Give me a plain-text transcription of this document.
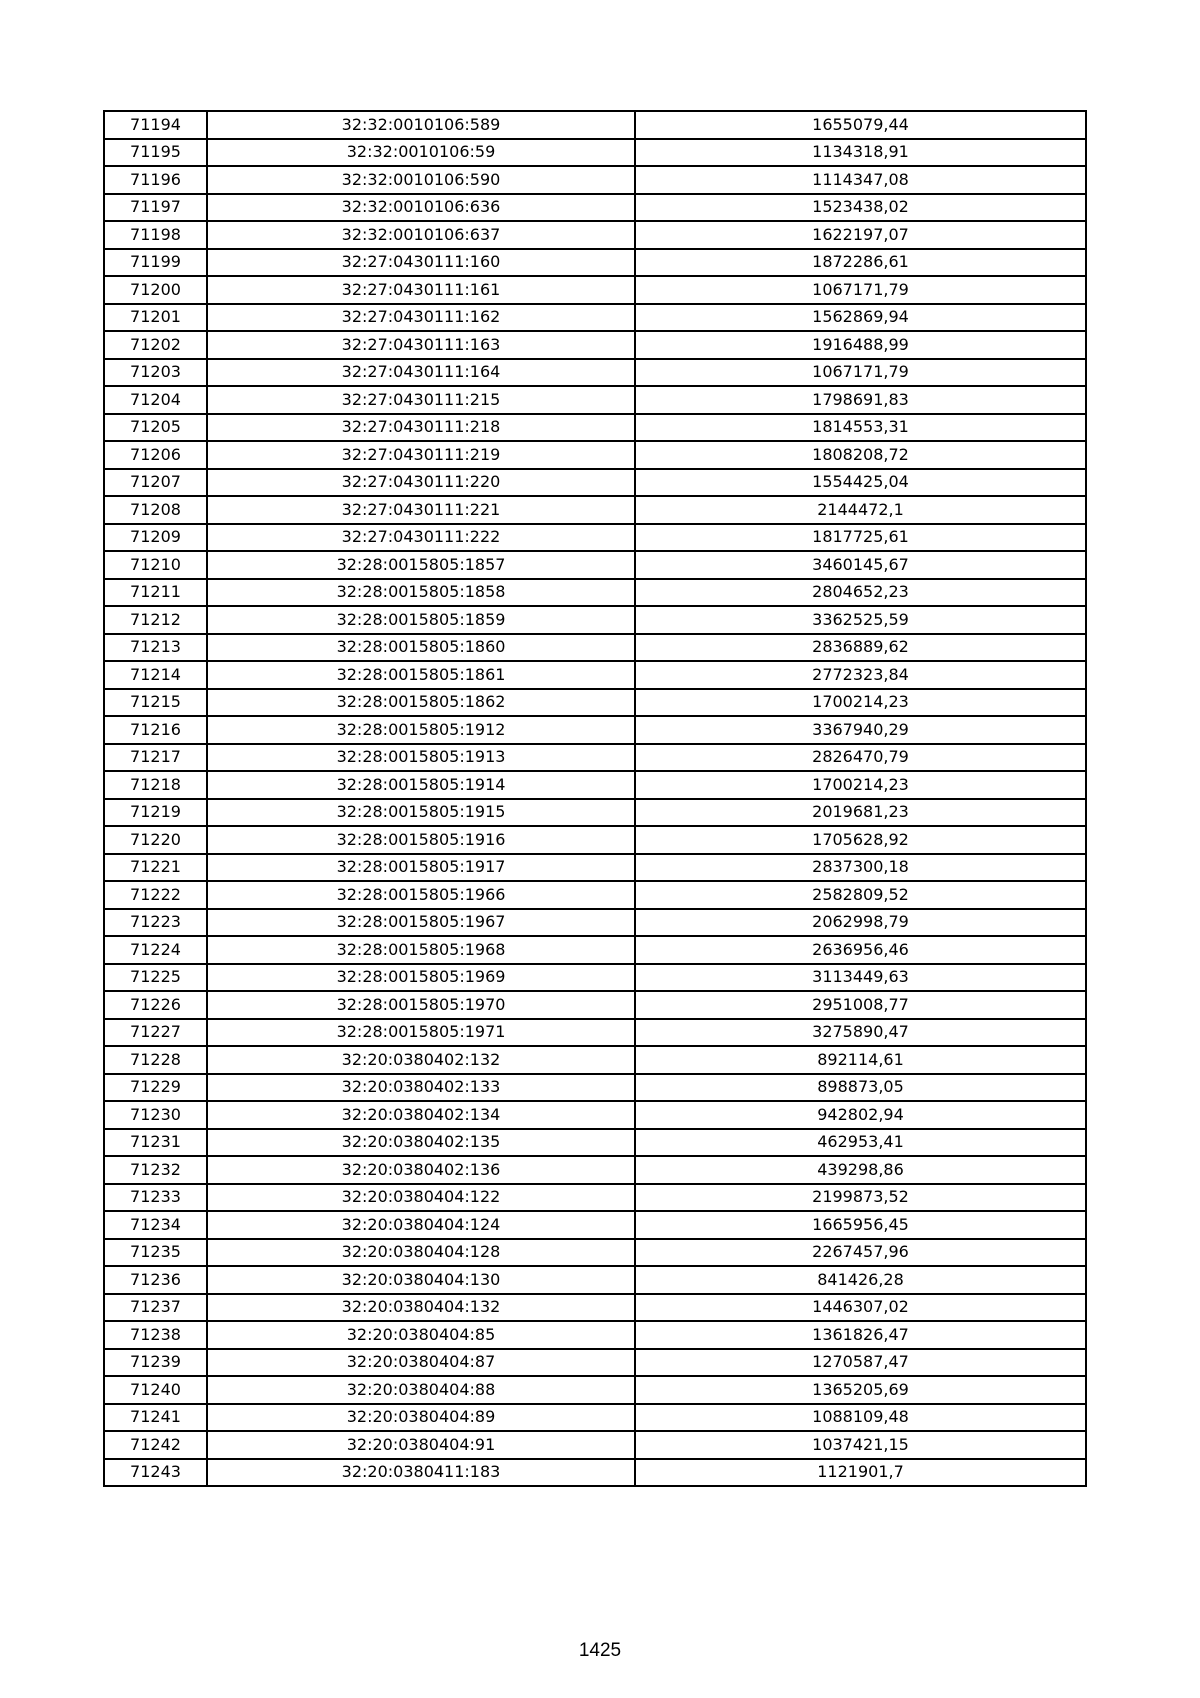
71194	32:32:0010106:589	1655079,44
71195	32:32:0010106:59	1134318,91
71196	32:32:0010106:590	1114347,08
71197	32:32:0010106:636	1523438,02
71198	32:32:0010106:637	1622197,07
71199	32:27:0430111:160	1872286,61
71200	32:27:0430111:161	1067171,79
71201	32:27:0430111:162	1562869,94
71202	32:27:0430111:163	1916488,99
71203	32:27:0430111:164	1067171,79
71204	32:27:0430111:215	1798691,83
71205	32:27:0430111:218	1814553,31
71206	32:27:0430111:219	1808208,72
71207	32:27:0430111:220	1554425,04
71208	32:27:0430111:221	2144472,1
71209	32:27:0430111:222	1817725,61
71210	32:28:0015805:1857	3460145,67
71211	32:28:0015805:1858	2804652,23
71212	32:28:0015805:1859	3362525,59
71213	32:28:0015805:1860	2836889,62
71214	32:28:0015805:1861	2772323,84
71215	32:28:0015805:1862	1700214,23
71216	32:28:0015805:1912	3367940,29
71217	32:28:0015805:1913	2826470,79
71218	32:28:0015805:1914	1700214,23
71219	32:28:0015805:1915	2019681,23
71220	32:28:0015805:1916	1705628,92
71221	32:28:0015805:1917	2837300,18
71222	32:28:0015805:1966	2582809,52
71223	32:28:0015805:1967	2062998,79
71224	32:28:0015805:1968	2636956,46
71225	32:28:0015805:1969	3113449,63
71226	32:28:0015805:1970	2951008,77
71227	32:28:0015805:1971	3275890,47
71228	32:20:0380402:132	892114,61
71229	32:20:0380402:133	898873,05
71230	32:20:0380402:134	942802,94
71231	32:20:0380402:135	462953,41
71232	32:20:0380402:136	439298,86
71233	32:20:0380404:122	2199873,52
71234	32:20:0380404:124	1665956,45
71235	32:20:0380404:128	2267457,96
71236	32:20:0380404:130	841426,28
71237	32:20:0380404:132	1446307,02
71238	32:20:0380404:85	1361826,47
71239	32:20:0380404:87	1270587,47
71240	32:20:0380404:88	1365205,69
71241	32:20:0380404:89	1088109,48
71242	32:20:0380404:91	1037421,15
71243	32:20:0380411:183	1121901,7
1425
